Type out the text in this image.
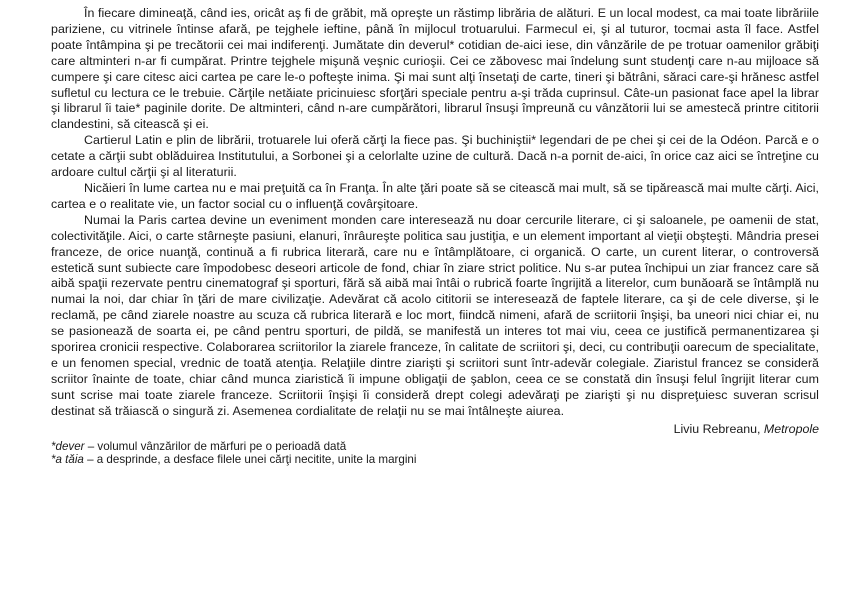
În fiecare dimineaţă, când ies, oricât aş fi de grăbit, mă opreşte un răstimp librăria de alături. E un local modest, ca mai toate librăriile pariziene, cu vitrinele întinse afară, pe tejghele ieftine, până în mijlocul trotuarului. Farmecul ei, şi al tuturor, tocmai asta îl face. Astfel poate întâmpina şi pe trecătorii cei mai indiferenţi. Jumătate din deverul* cotidian de-aici iese, din vânzările de pe trotuar oamenilor grăbiţi care altminteri n-ar fi cumpărat. Printre tejghele mişună veşnic curioşii. Cei ce zăbovesc mai îndelung sunt studenţi care n-au mijloace să cumpere şi care citesc aici cartea pe care le-o pofteşte inima. Şi mai sunt alţi însetaţi de carte, tineri şi bătrâni, săraci care-şi hrănesc astfel sufletul cu lectura ce le trebuie. Cărţile netăiate pricinuiesc sforţări speciale pentru a-şi trăda cuprinsul. Câte-un pasionat face apel la librar şi librarul îi taie* paginile dorite. De altminteri, când n-are cumpărători, librarul însuşi împreună cu vânzătorii lui se amestecă printre cititorii clandestini, să citească şi ei.

Cartierul Latin e plin de librării, trotuarele lui oferă cărţi la fiece pas. Şi buchiniştii* legendari de pe chei şi cei de la Odéon. Parcă e o cetate a cărţii subt oblăduirea Institutului, a Sorbonei şi a celorlalte uzine de cultură. Dacă n-a pornit de-aici, în orice caz aici se întreţine cu ardoare cultul cărţii şi al literaturii.

Nicăieri în lume cartea nu e mai preţuită ca în Franţa. În alte ţări poate să se citească mai mult, să se tipărească mai multe cărţi. Aici, cartea e o realitate vie, un factor social cu o influenţă covârşitoare.

Numai la Paris cartea devine un eveniment monden care interesează nu doar cercurile literare, ci şi saloanele, pe oamenii de stat, colectivităţile. Aici, o carte stârneşte pasiuni, elanuri, înrâureşte politica sau justiţia, e un element important al vieţii obşteşti. Mândria presei franceze, de orice nuanţă, continuă a fi rubrica literară, care nu e întâmplătoare, ci organică. O carte, un curent literar, o controversă estetică sunt subiecte care împodobesc deseori articole de fond, chiar în ziare strict politice. Nu s-ar putea închipui un ziar francez care să aibă spaţii rezervate pentru cinematograf şi sporturi, fără să aibă mai întâi o rubrică foarte îngrijită a literelor, cum bunăoară se întâmplă nu numai la noi, dar chiar în ţări de mare civilizaţie. Adevărat că acolo cititorii se interesează de faptele literare, ca şi de cele diverse, şi le reclamă, pe când ziarele noastre au scuza că rubrica literară e loc mort, fiindcă nimeni, afară de scriitorii înşişi, ba uneori nici chiar ei, nu se pasionează de soarta ei, pe când pentru sporturi, de pildă, se manifestă un interes tot mai viu, ceea ce justifică permanentizarea şi sporirea cronicii respective. Colaborarea scriitorilor la ziarele franceze, în calitate de scriitori şi, deci, cu contribuţii oarecum de specialitate, e un fenomen special, vrednic de toată atenţia. Relaţiile dintre ziarişti şi scriitori sunt într-adevăr colegiale. Ziaristul francez se consideră scriitor înainte de toate, chiar când munca ziaristică îi impune obligaţii de şablon, ceea ce se constată din însuşi felul îngrijit literar cum sunt scrise mai toate ziarele franceze. Scriitorii înşişi îi consideră drept colegi adevăraţi pe ziarişti şi nu dispreţuiesc suveran scrisul destinat să trăiască o singură zi. Asemenea cordialitate de relaţii nu se mai întâlneşte aiurea.

Liviu Rebreanu, Metropole
*dever – volumul vânzărilor de mărfuri pe o perioadă dată
*a tăia – a desprinde, a desface filele unei cărţi necitite, unite la margini
